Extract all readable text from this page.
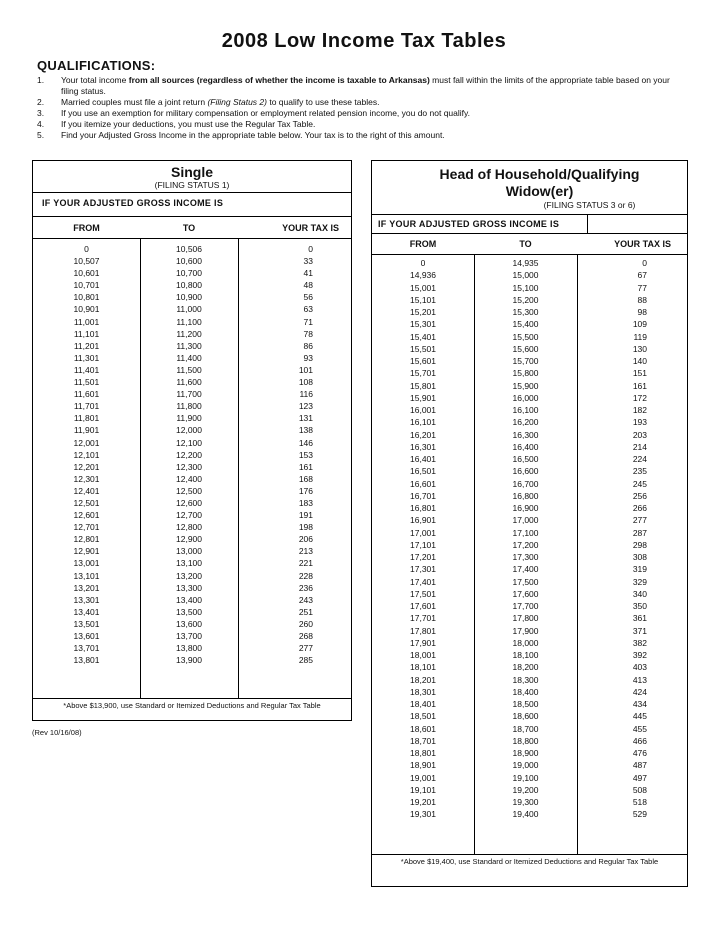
2008 Low Income Tax Tables
QUALIFICATIONS:
1.	Your total income from all sources (regardless of whether the income is taxable to Arkansas) must fall within the limits of the appropriate table based on your filing status.
2.	Married couples must file a joint return (Filing Status 2) to qualify to use these tables.
3.	If you use an exemption for military compensation or employment related pension income, you do not qualify.
4.	If you itemize your deductions, you must use the Regular Tax Table.
5.	Find your Adjusted Gross Income in the appropriate table below. Your tax is to the right of this amount.
Single
(FILING STATUS 1)
IF YOUR ADJUSTED GROSS INCOME IS
FROM	TO	YOUR TAX IS
0	10,506	0
10,507	10,600	33
10,601	10,700	41
10,701	10,800	48
10,801	10,900	56
10,901	11,000	63
11,001	11,100	71
11,101	11,200	78
11,201	11,300	86
11,301	11,400	93
11,401	11,500	101
11,501	11,600	108
11,601	11,700	116
11,701	11,800	123
11,801	11,900	131
11,901	12,000	138
12,001	12,100	146
12,101	12,200	153
12,201	12,300	161
12,301	12,400	168
12,401	12,500	176
12,501	12,600	183
12,601	12,700	191
12,701	12,800	198
12,801	12,900	206
12,901	13,000	213
13,001	13,100	221
13,101	13,200	228
13,201	13,300	236
13,301	13,400	243
13,401	13,500	251
13,501	13,600	260
13,601	13,700	268
13,701	13,800	277
13,801	13,900	285
*Above $13,900, use Standard or Itemized Deductions and Regular Tax Table
(Rev 10/16/08)
Head of Household/Qualifying Widow(er)
(FILING STATUS 3 or 6)
IF YOUR ADJUSTED GROSS INCOME IS
FROM	TO	YOUR TAX IS
0	14,935	0
14,936	15,000	67
15,001	15,100	77
15,101	15,200	88
15,201	15,300	98
15,301	15,400	109
15,401	15,500	119
15,501	15,600	130
15,601	15,700	140
15,701	15,800	151
15,801	15,900	161
15,901	16,000	172
16,001	16,100	182
16,101	16,200	193
16,201	16,300	203
16,301	16,400	214
16,401	16,500	224
16,501	16,600	235
16,601	16,700	245
16,701	16,800	256
16,801	16,900	266
16,901	17,000	277
17,001	17,100	287
17,101	17,200	298
17,201	17,300	308
17,301	17,400	319
17,401	17,500	329
17,501	17,600	340
17,601	17,700	350
17,701	17,800	361
17,801	17,900	371
17,901	18,000	382
18,001	18,100	392
18,101	18,200	403
18,201	18,300	413
18,301	18,400	424
18,401	18,500	434
18,501	18,600	445
18,601	18,700	455
18,701	18,800	466
18,801	18,900	476
18,901	19,000	487
19,001	19,100	497
19,101	19,200	508
19,201	19,300	518
19,301	19,400	529
*Above $19,400, use Standard or Itemized Deductions and Regular Tax Table
